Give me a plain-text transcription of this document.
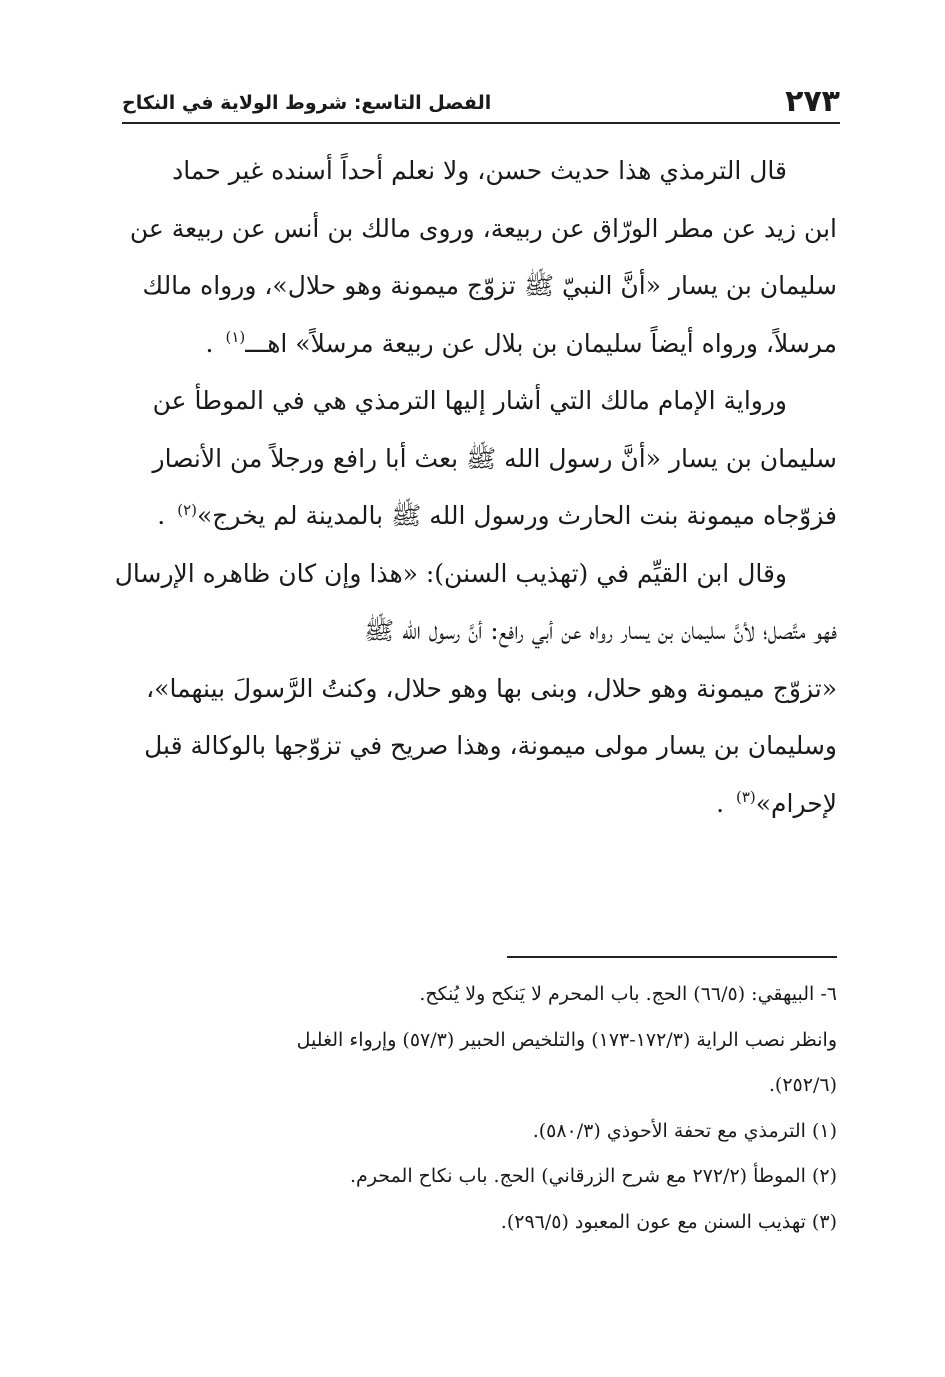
٢٧٣
الفصل التاسع: شروط الولاية في النكاح

قال الترمذي هذا حديث حسن، ولا نعلم أحداً أسنده غير حماد
ابن زيد عن مطر الورّاق عن ربيعة، وروى مالك بن أنس عن ربيعة عن
سليمان بن يسار «أنَّ النبيّ ﷺ تزوّج ميمونة وهو حلال»، ورواه مالك
مرسلاً، ورواه أيضاً سليمان بن بلال عن ربيعة مرسلاً» اهـــ$^{(١)}$ .

ورواية الإمام مالك التي أشار إليها الترمذي هي في الموطأ عن
سليمان بن يسار «أنَّ رسول الله ﷺ بعث أبا رافع ورجلاً من الأنصار
فزوّجاه ميمونة بنت الحارث ورسول الله ﷺ بالمدينة لم يخرج»$^{(٢)}$ .

وقال ابن القيِّم في (تهذيب السنن): «هذا وإن كان ظاهره الإرسال
فهو متَّصل؛ لأنَّ سليمان بن يسار رواه عن أبي رافع: أنَّ رسول الله ﷺ
«تزوّج ميمونة وهو حلال، وبنى بها وهو حلال، وكنتُ الرَّسولَ بينهما»،
وسليمان بن يسار مولى ميمونة، وهذا صريح في تزوّجها بالوكالة قبل
لإحرام»$^{(٣)}$ .

٦- البيهقي: (٦٦/٥) الحج. باب المحرم لا يَنكح ولا يُنكح.
وانظر نصب الراية (١٧٢/٣-١٧٣) والتلخيص الحبير (٥٧/٣) وإرواء الغليل
(٢٥٢/٦).
(١) الترمذي مع تحفة الأحوذي (٥٨٠/٣).
(٢) الموطأ (٢٧٢/٢ مع شرح الزرقاني) الحج. باب نكاح المحرم.
(٣) تهذيب السنن مع عون المعبود (٢٩٦/٥).
